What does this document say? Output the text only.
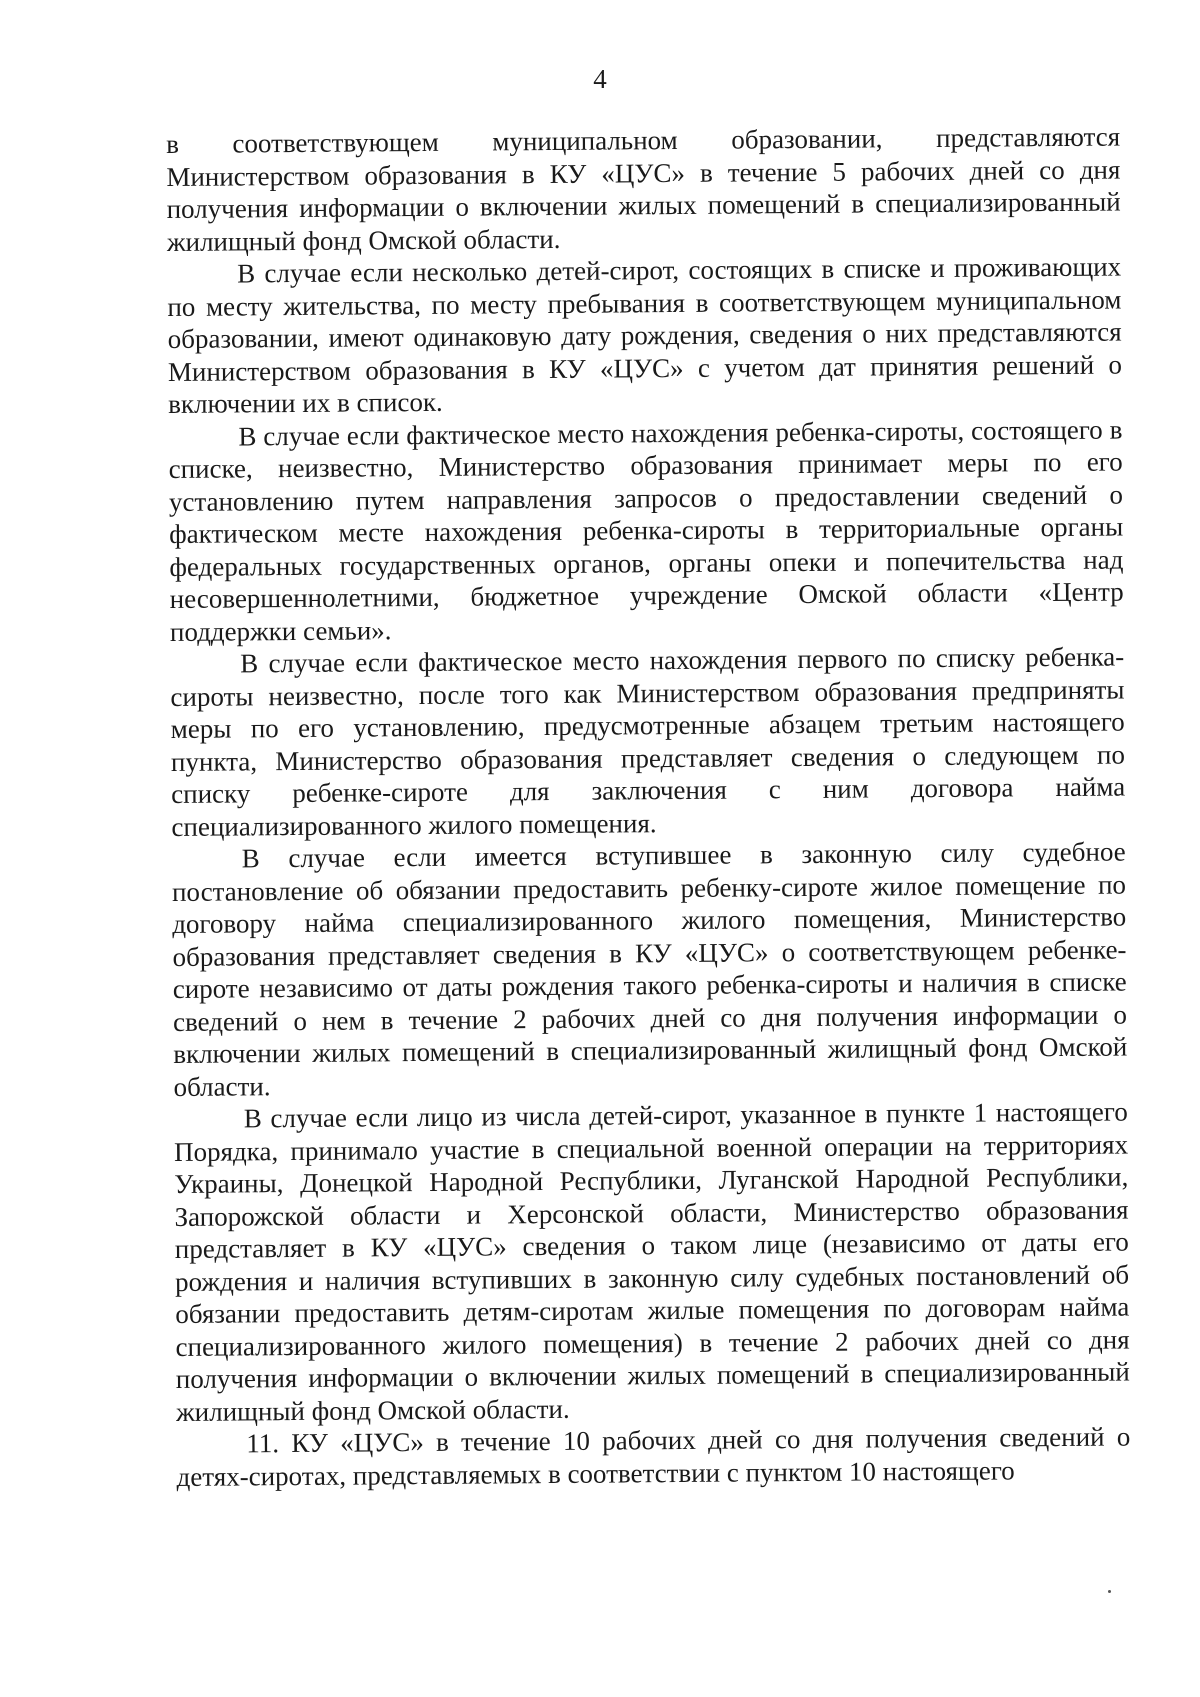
4

в соответствующем муниципальном образовании, представляются Министерством образования в КУ «ЦУС» в течение 5 рабочих дней со дня получения информации о включении жилых помещений в специализированный жилищный фонд Омской области.

В случае если несколько детей-сирот, состоящих в списке и проживающих по месту жительства, по месту пребывания в соответствующем муниципальном образовании, имеют одинаковую дату рождения, сведения о них представляются Министерством образования в КУ «ЦУС» с учетом дат принятия решений о включении их в список.

В случае если фактическое место нахождения ребенка-сироты, состоящего в списке, неизвестно, Министерство образования принимает меры по его установлению путем направления запросов о предоставлении сведений о фактическом месте нахождения ребенка-сироты в территориальные органы федеральных государственных органов, органы опеки и попечительства над несовершеннолетними, бюджетное учреждение Омской области «Центр поддержки семьи».

В случае если фактическое место нахождения первого по списку ребенка-сироты неизвестно, после того как Министерством образования предприняты меры по его установлению, предусмотренные абзацем третьим настоящего пункта, Министерство образования представляет сведения о следующем по списку ребенке-сироте для заключения с ним договора найма специализированного жилого помещения.

В случае если имеется вступившее в законную силу судебное постановление об обязании предоставить ребенку-сироте жилое помещение по договору найма специализированного жилого помещения, Министерство образования представляет сведения в КУ «ЦУС» о соответствующем ребенке-сироте независимо от даты рождения такого ребенка-сироты и наличия в списке сведений о нем в течение 2 рабочих дней со дня получения информации о включении жилых помещений в специализированный жилищный фонд Омской области.

В случае если лицо из числа детей-сирот, указанное в пункте 1 настоящего Порядка, принимало участие в специальной военной операции на территориях Украины, Донецкой Народной Республики, Луганской Народной Республики, Запорожской области и Херсонской области, Министерство образования представляет в КУ «ЦУС» сведения о таком лице (независимо от даты его рождения и наличия вступивших в законную силу судебных постановлений об обязании предоставить детям-сиротам жилые помещения по договорам найма специализированного жилого помещения) в течение 2 рабочих дней со дня получения информации о включении жилых помещений в специализированный жилищный фонд Омской области.

11. КУ «ЦУС» в течение 10 рабочих дней со дня получения сведений о детях-сиротах, представляемых в соответствии с пунктом 10 настоящего
